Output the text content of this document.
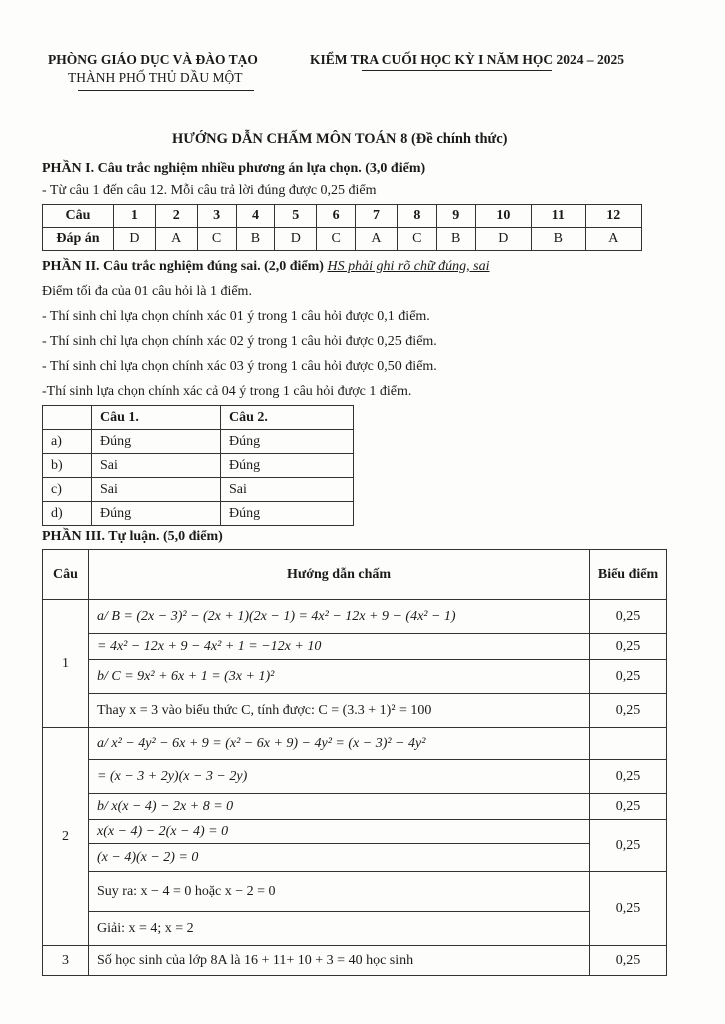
PHÒNG GIÁO DỤC VÀ ĐÀO TẠO
THÀNH PHỐ THỦ DẦU MỘT
KIỂM TRA CUỐI HỌC KỲ I NĂM HỌC 2024 – 2025
HƯỚNG DẪN CHẤM MÔN TOÁN 8 (Đề chính thức)
PHẦN I. Câu trắc nghiệm nhiều phương án lựa chọn. (3,0 điểm)
- Từ câu 1 đến câu 12. Mỗi câu trả lời đúng được 0,25 điểm
Câu	1	2	3	4	5	6	7	8	9	10	11	12
Đáp án	D	A	C	B	D	C	A	C	B	D	B	A
PHẦN II. Câu trắc nghiệm đúng sai. (2,0 điểm) HS phải ghi rõ chữ đúng, sai
Điểm tối đa của 01 câu hỏi là 1 điểm.
- Thí sinh chỉ lựa chọn chính xác 01 ý trong 1 câu hỏi được 0,1 điểm.
- Thí sinh chỉ lựa chọn chính xác 02 ý trong 1 câu hỏi được 0,25 điểm.
- Thí sinh chỉ lựa chọn chính xác 03 ý trong 1 câu hỏi được 0,50 điểm.
-Thí sinh lựa chọn chính xác cả 04 ý trong 1 câu hỏi được 1 điểm.
	Câu 1.	Câu 2.
a)	Đúng	Đúng
b)	Sai	Đúng
c)	Sai	Sai
d)	Đúng	Đúng
PHẦN III. Tự luận. (5,0 điểm)
Câu	Hướng dẫn chấm	Biểu điểm
1	a/ B = (2x − 3)² − (2x + 1)(2x − 1) = 4x² − 12x + 9 − (4x² − 1)	0,25
	= 4x² − 12x + 9 − 4x² + 1 = −12x + 10	0,25
	b/ C = 9x² + 6x + 1 = (3x + 1)²	0,25
	Thay x = 3 vào biểu thức C, tính được: C = (3.3 + 1)² = 100	0,25
2	a/ x² − 4y² − 6x + 9 = (x² − 6x + 9) − 4y² = (x − 3)² − 4y²	
	= (x − 3 + 2y)(x − 3 − 2y)	0,25
	b/ x(x − 4) − 2x + 8 = 0	0,25
	x(x − 4) − 2(x − 4) = 0	0,25
	(x − 4)(x − 2) = 0	
	Suy ra: x − 4 = 0 hoặc x − 2 = 0	0,25
	Giải: x = 4; x = 2	
3	Số học sinh của lớp 8A là 16 + 11+ 10 + 3 = 40 học sinh	0,25
